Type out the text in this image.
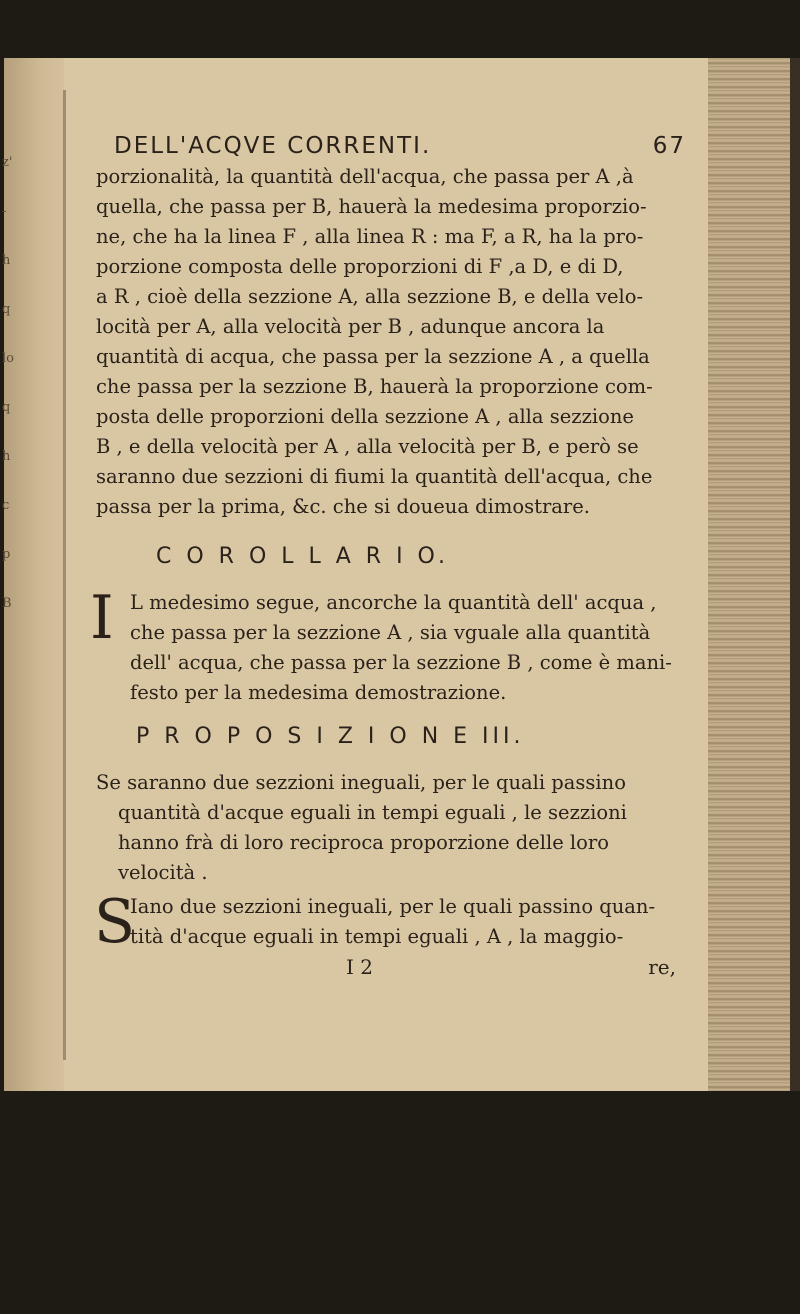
z'
-
h
q
lo
q
h
c
p
B
DELL'ACQVE CORRENTI.	67
porzionalità, la quantità dell'acqua, che passa per A ,à
quella, che passa per B, hauerà la medesima proporzio-
ne, che ha la linea F , alla linea R : ma F, a R, ha la pro-
porzione composta delle proporzioni di F ,a D, e di D,
a R , cioè della sezzione A, alla sezzione B, e della velo-
locità per A, alla velocità per B , adunque ancora la
quantità di acqua, che passa per la sezzione A , a quella
che passa per la sezzione B, hauerà la proporzione com-
posta delle proporzioni della sezzione A , alla sezzione
B , e della velocità per A , alla velocità per B, e però se
saranno due sezzioni di fiumi la quantità dell'acqua, che
passa per la prima, &c. che si doueua dimostrare.
C O R O L L A R I O.
I L medesimo segue, ancorche la quantità dell' acqua ,
che passa per la sezzione A , sia vguale alla quantità
dell' acqua, che passa per la sezzione B , come è mani-
festo per la medesima demostrazione.
P R O P O S I Z I O N E III.
Se saranno due sezzioni ineguali, per le quali passino
quantità d'acque eguali in tempi eguali , le sezzioni
hanno frà di loro reciproca proporzione delle loro
velocità .
S
Iano due sezzioni ineguali, per le quali passino quan-
tità d'acque eguali in tempi eguali , A , la maggio-
I 2	re,
